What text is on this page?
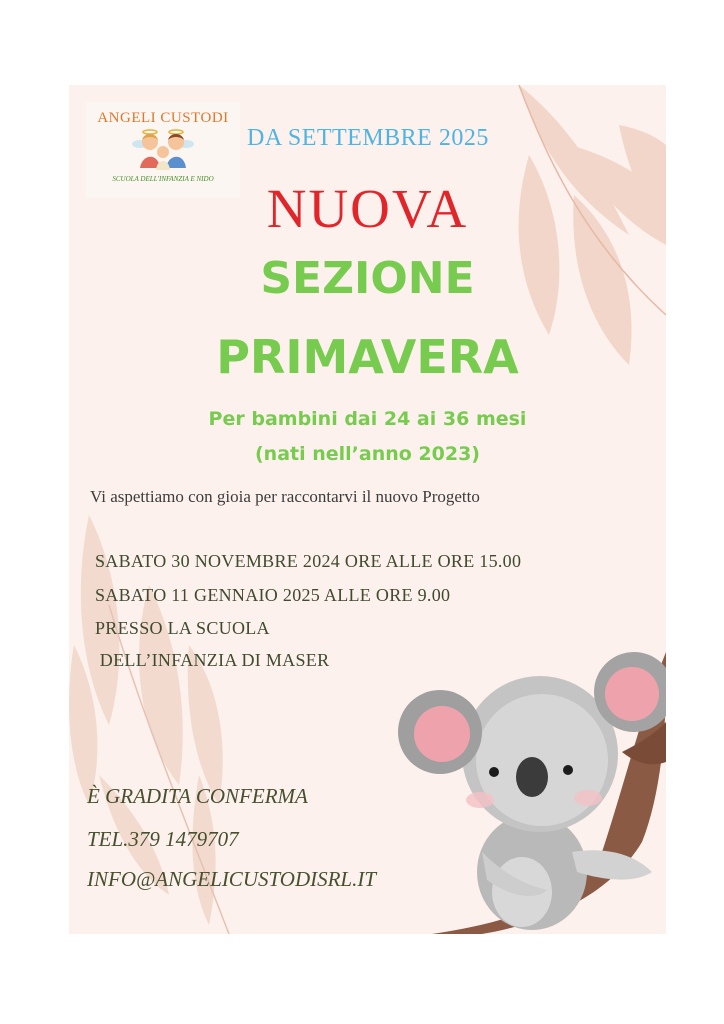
ANGELI CUSTODI
SCUOLA DELL'INFANZIA E NIDO
DA SETTEMBRE 2025
NUOVA
SEZIONE
PRIMAVERA
Per bambini dai 24 ai 36 mesi
(nati nell’anno 2023)
Vi aspettiamo con gioia per raccontarvi il nuovo Progetto
SABATO 30 NOVEMBRE 2024 ORE ALLE ORE 15.00
SABATO 11 GENNAIO 2025 ALLE ORE 9.00
PRESSO LA SCUOLA
DELL’INFANZIA DI MASER
È GRADITA CONFERMA
TEL.379 1479707
INFO@ANGELICUSTODISRL.IT
